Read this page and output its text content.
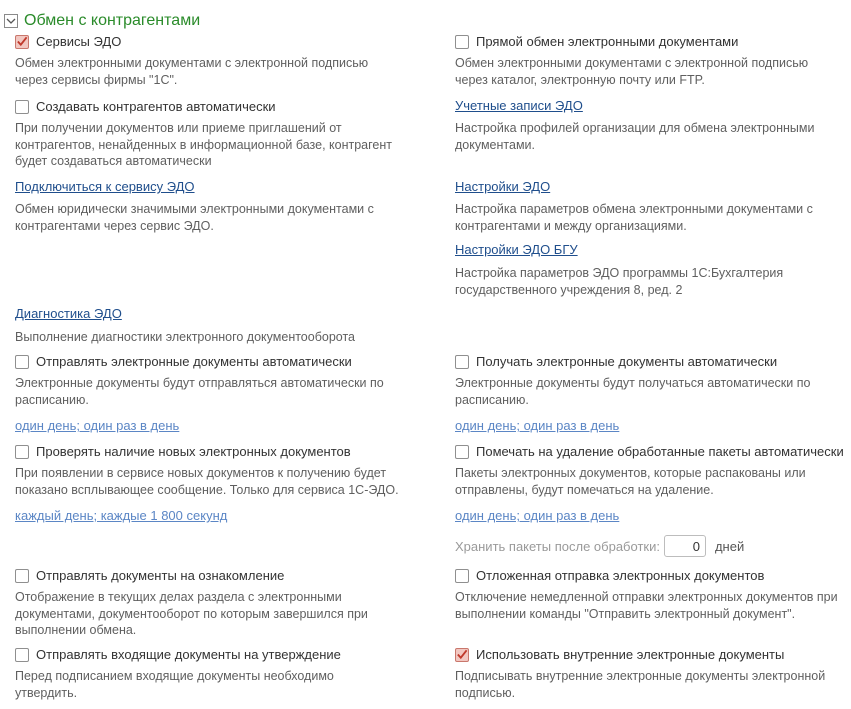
Обмен с контрагентами
Сервисы ЭДО
Обмен электронными документами с электронной подписью
через сервисы фирмы "1С".
Создавать контрагентов автоматически
При получении документов или приеме приглашений от
контрагентов, ненайденных в информационной базе, контрагент
будет создаваться автоматически
Подключиться к сервису ЭДО
Обмен юридически значимыми электронными документами с
контрагентами через сервис ЭДО.
Диагностика ЭДО
Выполнение диагностики электронного документооборота
Отправлять электронные документы автоматически
Электронные документы будут отправляться автоматически по
расписанию.
один день; один раз в день
Проверять наличие новых электронных документов
При появлении в сервисе новых документов к получению будет
показано всплывающее сообщение. Только для сервиса 1С-ЭДО.
каждый день; каждые 1 800 секунд
Отправлять документы на ознакомление
Отображение в текущих делах раздела с электронными
документами, документооборот по которым завершился при
выполнении обмена.
Отправлять входящие документы на утверждение
Перед подписанием входящие документы необходимо
утвердить.
Прямой обмен электронными документами
Обмен электронными документами с электронной подписью
через каталог, электронную почту или FTP.
Учетные записи ЭДО
Настройка профилей организации для обмена электронными
документами.
Настройки ЭДО
Настройка параметров обмена электронными документами с
контрагентами и между организациями.
Настройки ЭДО БГУ
Настройка параметров ЭДО программы 1С:Бухгалтерия
государственного учреждения 8, ред. 2
Получать электронные документы автоматически
Электронные документы будут получаться автоматически по
расписанию.
один день; один раз в день
Помечать на удаление обработанные пакеты автоматически
Пакеты электронных документов, которые распакованы или
отправлены, будут помечаться на удаление.
один день; один раз в день
Хранить пакеты после обработки:
0	дней
Отложенная отправка электронных документов
Отключение немедленной отправки электронных документов при
выполнении команды "Отправить электронный документ".
Использовать внутренние электронные документы
Подписывать внутренние электронные документы электронной
подписью.
